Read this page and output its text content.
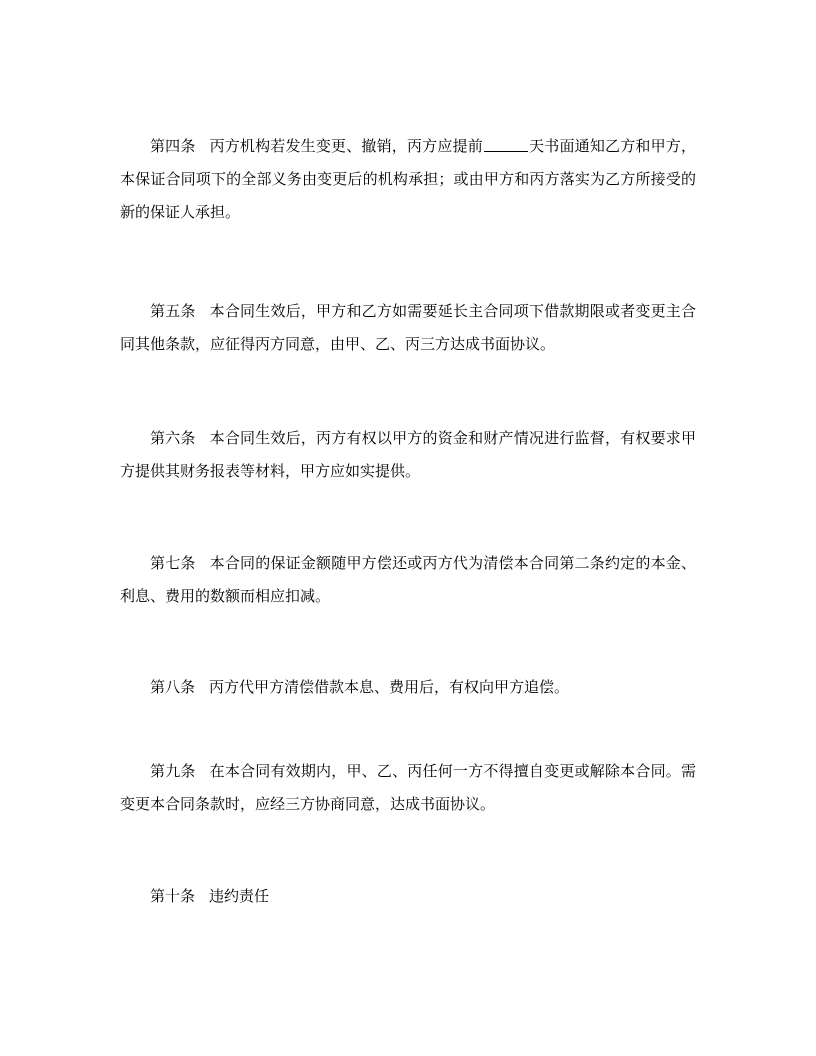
第四条 丙方机构若发生变更、撤销，丙方应提前	天书面通知乙方和甲方，本保证合同项下的全部义务由变更后的机构承担；或由甲方和丙方落实为乙方所接受的新的保证人承担。

第五条 本合同生效后，甲方和乙方如需要延长主合同项下借款期限或者变更主合同其他条款，应征得丙方同意，由甲、乙、丙三方达成书面协议。

第六条 本合同生效后，丙方有权以甲方的资金和财产情况进行监督，有权要求甲方提供其财务报表等材料，甲方应如实提供。

第七条 本合同的保证金额随甲方偿还或丙方代为清偿本合同第二条约定的本金、利息、费用的数额而相应扣减。

第八条 丙方代甲方清偿借款本息、费用后，有权向甲方追偿。

第九条 在本合同有效期内，甲、乙、丙任何一方不得擅自变更或解除本合同。需变更本合同条款时，应经三方协商同意，达成书面协议。

第十条 违约责任
